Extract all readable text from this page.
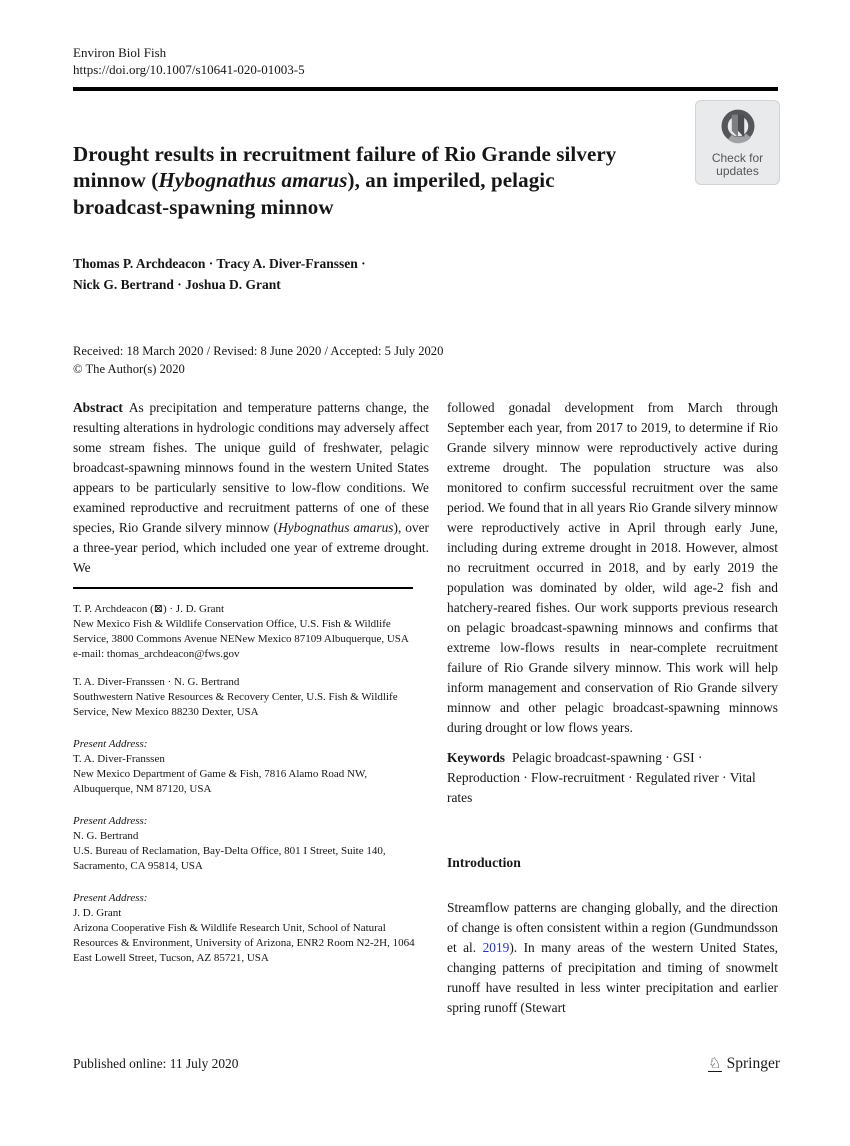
Environ Biol Fish
https://doi.org/10.1007/s10641-020-01003-5
Drought results in recruitment failure of Rio Grande silvery minnow (Hybognathus amarus), an imperiled, pelagic broadcast-spawning minnow
Thomas P. Archdeacon · Tracy A. Diver-Franssen ·
Nick G. Bertrand · Joshua D. Grant
Received: 18 March 2020 / Revised: 8 June 2020 / Accepted: 5 July 2020
© The Author(s) 2020

Abstract As precipitation and temperature patterns change, the resulting alterations in hydrologic conditions may adversely affect some stream fishes. The unique guild of freshwater, pelagic broadcast-spawning minnows found in the western United States appears to be particularly sensitive to low-flow conditions. We examined reproductive and recruitment patterns of one of these species, Rio Grande silvery minnow (Hybognathus amarus), over a three-year period, which included one year of extreme drought. We

T. P. Archdeacon (⊠) · J. D. Grant
New Mexico Fish & Wildlife Conservation Office, U.S. Fish & Wildlife Service, 3800 Commons Avenue NENew Mexico 87109 Albuquerque, USA
e-mail: thomas_archdeacon@fws.gov
T. A. Diver-Franssen · N. G. Bertrand
Southwestern Native Resources & Recovery Center, U.S. Fish & Wildlife Service, New Mexico 88230 Dexter, USA
Present Address:
T. A. Diver-Franssen
New Mexico Department of Game & Fish, 7816 Alamo Road NW, Albuquerque, NM 87120, USA
Present Address:
N. G. Bertrand
U.S. Bureau of Reclamation, Bay-Delta Office, 801 I Street, Suite 140, Sacramento, CA 95814, USA
Present Address:
J. D. Grant
Arizona Cooperative Fish & Wildlife Research Unit, School of Natural Resources & Environment, University of Arizona, ENR2 Room N2-2H, 1064 East Lowell Street, Tucson, AZ 85721, USA

followed gonadal development from March through September each year, from 2017 to 2019, to determine if Rio Grande silvery minnow were reproductively active during extreme drought. The population structure was also monitored to confirm successful recruitment over the same period. We found that in all years Rio Grande silvery minnow were reproductively active in April through early June, including during extreme drought in 2018. However, almost no recruitment occurred in 2018, and by early 2019 the population was dominated by older, wild age-2 fish and hatchery-reared fishes. Our work supports previous research on pelagic broadcast-spawning minnows and confirms that extreme low-flows results in near-complete recruitment failure of Rio Grande silvery minnow. This work will help inform management and conservation of Rio Grande silvery minnow and other pelagic broadcast-spawning minnows during drought or low flows years.

Keywords Pelagic broadcast-spawning · GSI · Reproduction · Flow-recruitment · Regulated river · Vital rates

Introduction

Streamflow patterns are changing globally, and the direction of change is often consistent within a region (Gundmundsson et al. 2019). In many areas of the western United States, changing patterns of precipitation and timing of snowmelt runoff have resulted in less winter precipitation and earlier spring runoff (Stewart

Check for
updates
Published online: 11 July 2020	♘ Springer
